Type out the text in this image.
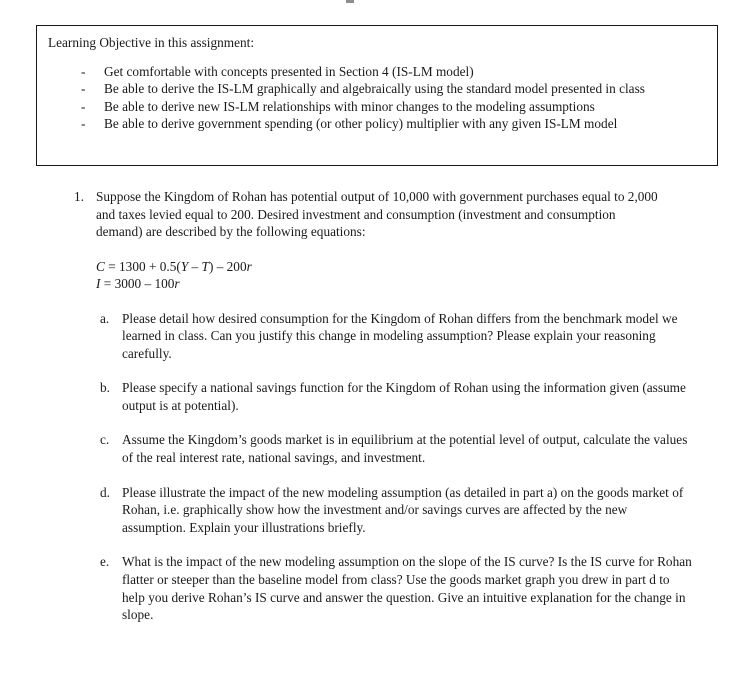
Learning Objective in this assignment:
- Get comfortable with concepts presented in Section 4 (IS-LM model)
- Be able to derive the IS-LM graphically and algebraically using the standard model presented in class
- Be able to derive new IS-LM relationships with minor changes to the modeling assumptions
- Be able to derive government spending (or other policy) multiplier with any given IS-LM model
1. Suppose the Kingdom of Rohan has potential output of 10,000 with government purchases equal to 2,000 and taxes levied equal to 200. Desired investment and consumption (investment and consumption demand) are described by the following equations:
C = 1300 + 0.5(Y – T) – 200r
I = 3000 – 100r
a. Please detail how desired consumption for the Kingdom of Rohan differs from the benchmark model we learned in class. Can you justify this change in modeling assumption? Please explain your reasoning carefully.

b. Please specify a national savings function for the Kingdom of Rohan using the information given (assume output is at potential).

c. Assume the Kingdom’s goods market is in equilibrium at the potential level of output, calculate the values of the real interest rate, national savings, and investment.

d. Please illustrate the impact of the new modeling assumption (as detailed in part a) on the goods market of Rohan, i.e. graphically show how the investment and/or savings curves are affected by the new assumption. Explain your illustrations briefly.

e. What is the impact of the new modeling assumption on the slope of the IS curve? Is the IS curve for Rohan flatter or steeper than the baseline model from class? Use the goods market graph you drew in part d to help you derive Rohan’s IS curve and answer the question. Give an intuitive explanation for the change in slope.
